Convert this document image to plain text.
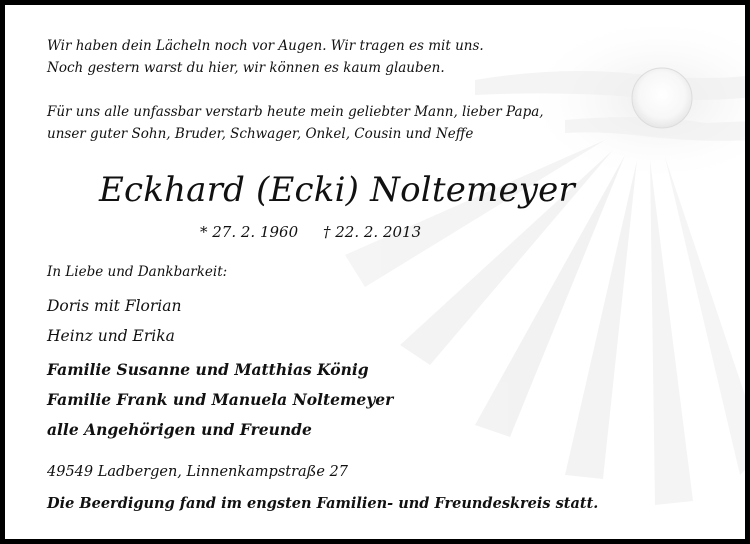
Wir haben dein Lächeln noch vor Augen. Wir tragen es mit uns.
Noch gestern warst du hier, wir können es kaum glauben.
Für uns alle unfassbar verstarb heute mein geliebter Mann, lieber Papa,
unser guter Sohn, Bruder, Schwager, Onkel, Cousin und Neffe
Eckhard (Ecki) Noltemeyer
* 27. 2. 1960 † 22. 2. 2013
In Liebe und Dankbarkeit:
Doris mit Florian
Heinz und Erika
Familie Susanne und Matthias König
Familie Frank und Manuela Noltemeyer
alle Angehörigen und Freunde
49549 Ladbergen, Linnenkampstraße 27
Die Beerdigung fand im engsten Familien- und Freundeskreis statt.
